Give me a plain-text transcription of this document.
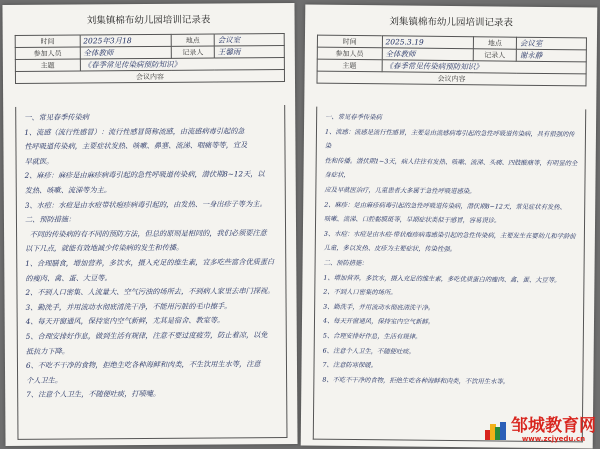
刘集镇棉布幼儿园培训记录表
时间	2025年3月18	地点	会议室
参加人员	全体教师	记录人	王馨雨
主题	《春季常见传染病预防知识》		
会议内容			

一、常见春季传染病

1、流感（流行性感冒）：流行性感冒简称流感，由流感病毒引起的急

性呼吸道传染病，主要症状发热、咳嗽、鼻塞、流涕、咽痛等等，宜及

早就医。

2、麻疹：麻疹是由麻疹病毒引起的急性呼吸道传染病，潜伏期8~12天，以

发热、咳嗽、流涕等为主。

3、水痘：水痘是由水痘带状疱疹病毒引起的，由发热、一身出疹子等为主。

二、预防措施：

不同的传染病的有不同的预防方法，但总的原则是相同的，我们必须要注意

以下几点，就能有效地减少传染病的发生和传播。

1、合理膳食，增加营养，多饮水，摄入充足的维生素，宜多吃些富含优质蛋白

的瘦肉、禽、蛋、大豆等。

2、不到人口密集、人流量大、空气污浊的场所去，不到病人家里去串门探视。

3、勤洗手，并用流动水彻底清洗干净，不能用污脏的毛巾擦手。

4、每天开窗通风，保持室内空气新鲜，尤其是宿舍、教室等。

5、合理安排好作息，做到生活有规律，注意不要过度疲劳，防止着凉，以免

抵抗力下降。

6、不吃不干净的食物，拒绝生吃各种海鲜和肉类，不生饮用生水等，注意

个人卫生。

7、注意个人卫生，不随便吐痰，打喷嚏。

刘集镇棉布幼儿园培训记录表
时间	2025.3.19	地点	会议室
参加人员	全体教师	记录人	谢永静
主题	《春季常见传染病预防知识》		
会议内容			

一、常见春季传染病

1、流感：流感是流行性感冒，主要是由流感病毒引起的急性呼吸道传染病，具有很强的传染

性和传播。潜伏期1~3天，病人往往有发热、咳嗽、流涕、头痛、四肢酸痛等，有明显的全身症状，

应及早就医治疗，儿童患者大多属于急性呼吸道感染。

2、麻疹：是由麻疹病毒引起的急性呼吸道传染病，潜伏期8~12天，常见症状有发热、

咳嗽、流涕、口腔黏膜斑等，早期症状类似于感冒，容易误诊。

3、水痘：水痘是由水痘-带状疱疹病毒感染引起的急性传染病，主要发生在婴幼儿和学龄前

儿童，多以发热、皮疹为主要症状，传染性强。

二、预防措施：

1、增加营养，多饮水，摄入充足的维生素，多吃优质蛋白的瘦肉、禽、蛋、大豆等。

2、不到人口密集的场所。

3、勤洗手，并用流动水彻底清洗干净。

4、每天开窗通风，保持室内空气新鲜。

5、合理安排好作息，生活有规律。

6、注意个人卫生，不随便吐痰。

7、注意防寒保暖。

8、不吃不干净的食物，拒绝生吃各种海鲜和肉类，不饮用生水等。

邹城教育网
www.zcjyedu.cn
